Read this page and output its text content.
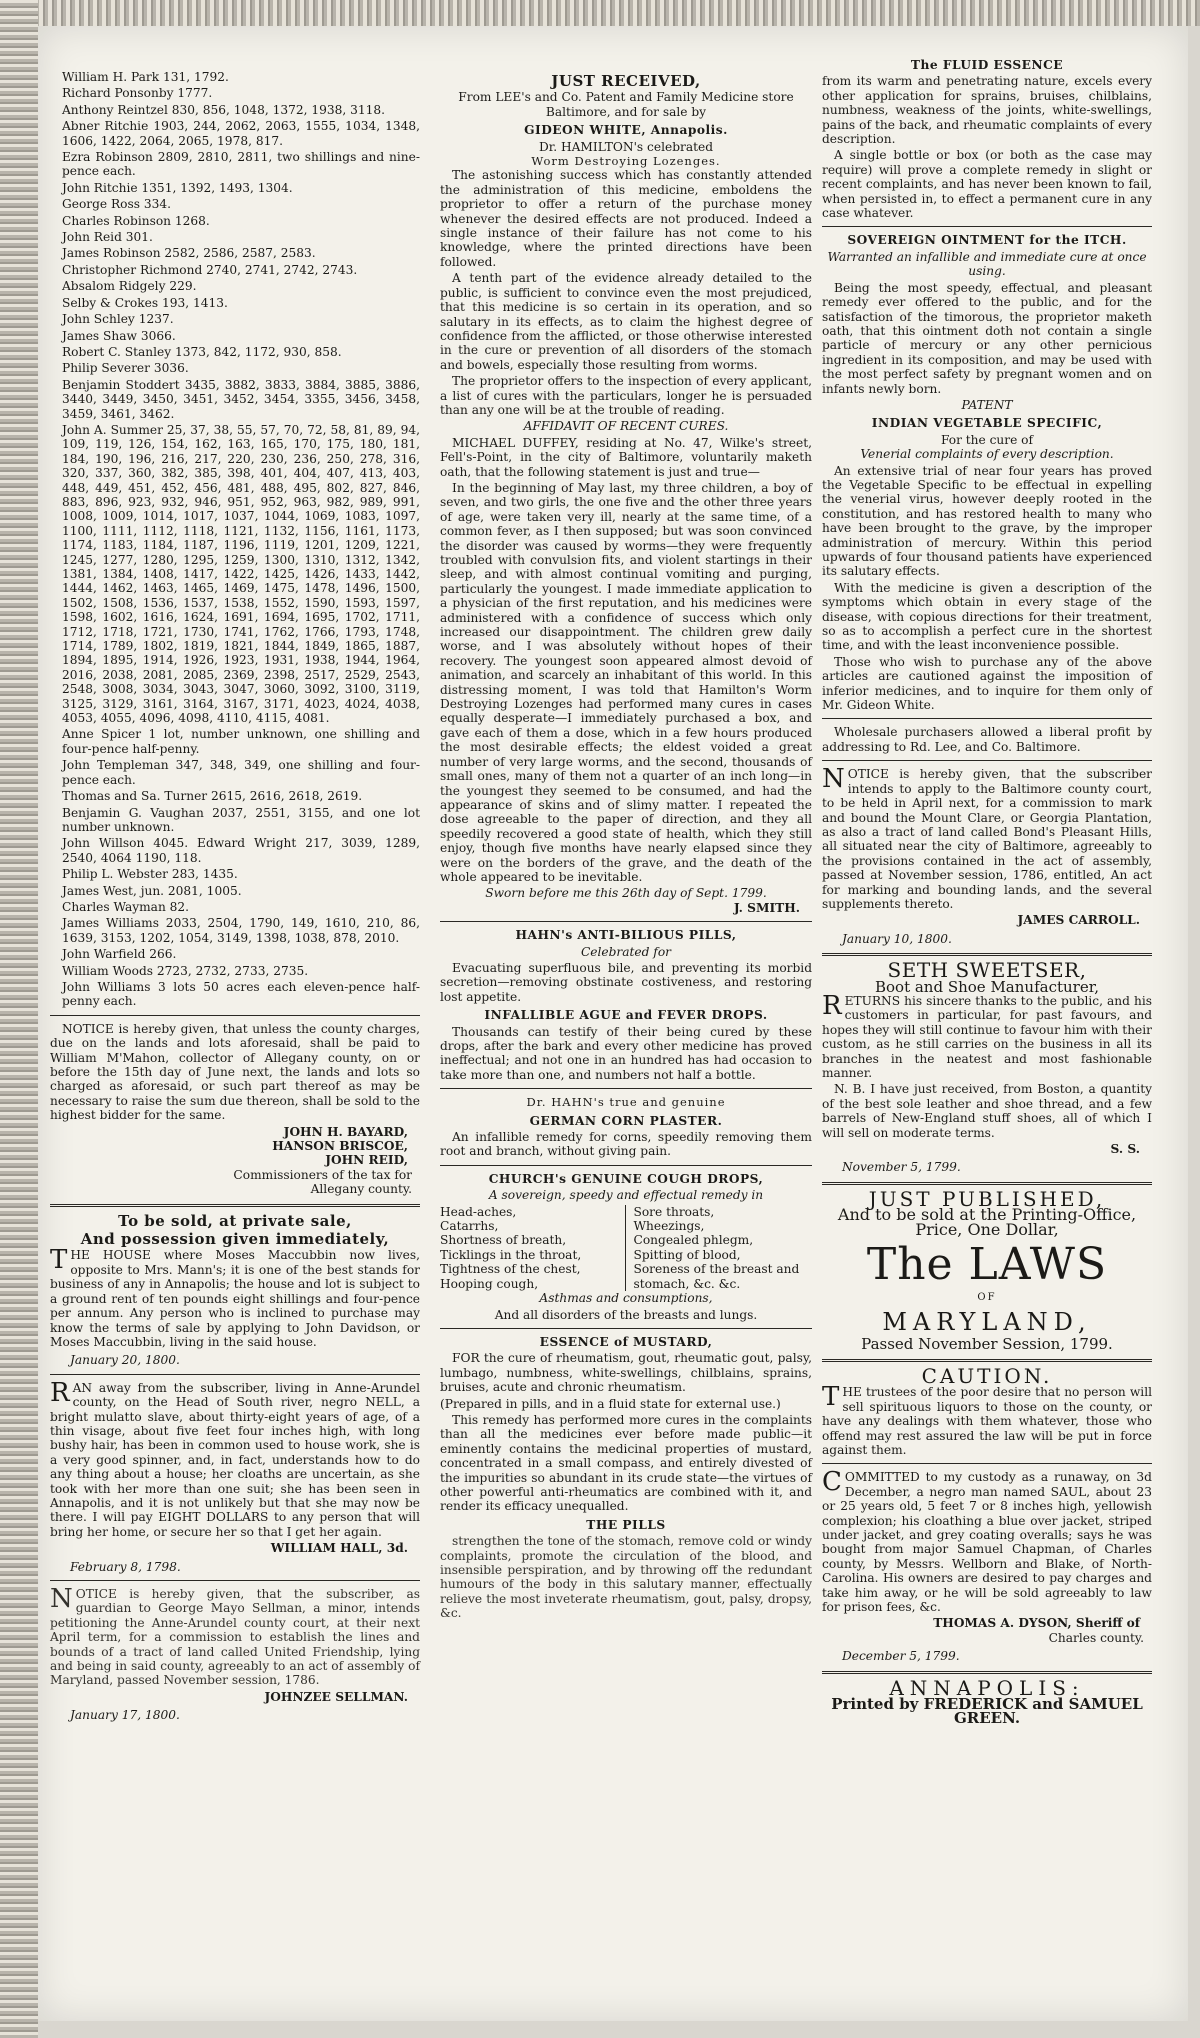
William H. Park 131, 1792.

Richard Ponsonby 1777.

Anthony Reintzel 830, 856, 1048, 1372, 1938, 3118.

Abner Ritchie 1903, 244, 2062, 2063, 1555, 1034, 1348, 1606, 1422, 2064, 2065, 1978, 817.

Ezra Robinson 2809, 2810, 2811, two shillings and nine-pence each.

John Ritchie 1351, 1392, 1493, 1304.

George Ross 334.

Charles Robinson 1268.

John Reid 301.

James Robinson 2582, 2586, 2587, 2583.

Christopher Richmond 2740, 2741, 2742, 2743.

Absalom Ridgely 229.

Selby & Crokes 193, 1413.

John Schley 1237.

James Shaw 3066.

Robert C. Stanley 1373, 842, 1172, 930, 858.

Philip Severer 3036.

Benjamin Stoddert 3435, 3882, 3833, 3884, 3885, 3886, 3440, 3449, 3450, 3451, 3452, 3454, 3355, 3456, 3458, 3459, 3461, 3462.

John A. Summer 25, 37, 38, 55, 57, 70, 72, 58, 81, 89, 94, 109, 119, 126, 154, 162, 163, 165, 170, 175, 180, 181, 184, 190, 196, 216, 217, 220, 230, 236, 250, 278, 316, 320, 337, 360, 382, 385, 398, 401, 404, 407, 413, 403, 448, 449, 451, 452, 456, 481, 488, 495, 802, 827, 846, 883, 896, 923, 932, 946, 951, 952, 963, 982, 989, 991, 1008, 1009, 1014, 1017, 1037, 1044, 1069, 1083, 1097, 1100, 1111, 1112, 1118, 1121, 1132, 1156, 1161, 1173, 1174, 1183, 1184, 1187, 1196, 1119, 1201, 1209, 1221, 1245, 1277, 1280, 1295, 1259, 1300, 1310, 1312, 1342, 1381, 1384, 1408, 1417, 1422, 1425, 1426, 1433, 1442, 1444, 1462, 1463, 1465, 1469, 1475, 1478, 1496, 1500, 1502, 1508, 1536, 1537, 1538, 1552, 1590, 1593, 1597, 1598, 1602, 1616, 1624, 1691, 1694, 1695, 1702, 1711, 1712, 1718, 1721, 1730, 1741, 1762, 1766, 1793, 1748, 1714, 1789, 1802, 1819, 1821, 1844, 1849, 1865, 1887, 1894, 1895, 1914, 1926, 1923, 1931, 1938, 1944, 1964, 2016, 2038, 2081, 2085, 2369, 2398, 2517, 2529, 2543, 2548, 3008, 3034, 3043, 3047, 3060, 3092, 3100, 3119, 3125, 3129, 3161, 3164, 3167, 3171, 4023, 4024, 4038, 4053, 4055, 4096, 4098, 4110, 4115, 4081.

Anne Spicer 1 lot, number unknown, one shilling and four-pence half-penny.

John Templeman 347, 348, 349, one shilling and four-pence each.

Thomas and Sa. Turner 2615, 2616, 2618, 2619.

Benjamin G. Vaughan 2037, 2551, 3155, and one lot number unknown.

John Willson 4045. Edward Wright 217, 3039, 1289, 2540, 4064 1190, 118.

Philip L. Webster 283, 1435.

James West, jun. 2081, 1005.

Charles Wayman 82.

James Williams 2033, 2504, 1790, 149, 1610, 210, 86, 1639, 3153, 1202, 1054, 3149, 1398, 1038, 878, 2010.

John Warfield 266.

William Woods 2723, 2732, 2733, 2735.

John Williams 3 lots 50 acres each eleven-pence half-penny each.

NOTICE is hereby given, that unless the county charges, due on the lands and lots aforesaid, shall be paid to William M'Mahon, collector of Allegany county, on or before the 15th day of June next, the lands and lots so charged as aforesaid, or such part thereof as may be necessary to raise the sum due thereon, shall be sold to the highest bidder for the same.

JOHN H. BAYARD,
HANSON BRISCOE,
JOHN REID,
Commissioners of the tax for
Allegany county.
To be sold, at private sale,
And possession given immediately,

THE HOUSE where Moses Maccubbin now lives, opposite to Mrs. Mann's; it is one of the best stands for business of any in Annapolis; the house and lot is subject to a ground rent of ten pounds eight shillings and four-pence per annum. Any person who is inclined to purchase may know the terms of sale by applying to John Davidson, or Moses Maccubbin, living in the said house.

January 20, 1800.

RAN away from the subscriber, living in Anne-Arundel county, on the Head of South river, negro NELL, a bright mulatto slave, about thirty-eight years of age, of a thin visage, about five feet four inches high, with long bushy hair, has been in common used to house work, she is a very good spinner, and, in fact, understands how to do any thing about a house; her cloaths are uncertain, as she took with her more than one suit; she has been seen in Annapolis, and it is not unlikely but that she may now be there. I will pay EIGHT DOLLARS to any person that will bring her home, or secure her so that I get her again.

WILLIAM HALL, 3d.
February 8, 1798.

NOTICE is hereby given, that the subscriber, as guardian to George Mayo Sellman, a minor, intends petitioning the Anne-Arundel county court, at their next April term, for a commission to establish the lines and bounds of a tract of land called United Friendship, lying and being in said county, agreeably to an act of assembly of Maryland, passed November session, 1786.

JOHNZEE SELLMAN.
January 17, 1800.
JUST RECEIVED,
From LEE's and Co. Patent and Family Medicine store Baltimore, and for sale by
GIDEON WHITE, Annapolis.
Dr. HAMILTON's celebrated
Worm Destroying Lozenges.

The astonishing success which has constantly attended the administration of this medicine, emboldens the proprietor to offer a return of the purchase money whenever the desired effects are not produced. Indeed a single instance of their failure has not come to his knowledge, where the printed directions have been followed.

A tenth part of the evidence already detailed to the public, is sufficient to convince even the most prejudiced, that this medicine is so certain in its operation, and so salutary in its effects, as to claim the highest degree of confidence from the afflicted, or those otherwise interested in the cure or prevention of all disorders of the stomach and bowels, especially those resulting from worms.

The proprietor offers to the inspection of every applicant, a list of cures with the particulars, longer he is persuaded than any one will be at the trouble of reading.

AFFIDAVIT OF RECENT CURES.

MICHAEL DUFFEY, residing at No. 47, Wilke's street, Fell's-Point, in the city of Baltimore, voluntarily maketh oath, that the following statement is just and true—

In the beginning of May last, my three children, a boy of seven, and two girls, the one five and the other three years of age, were taken very ill, nearly at the same time, of a common fever, as I then supposed; but was soon convinced the disorder was caused by worms—they were frequently troubled with convulsion fits, and violent startings in their sleep, and with almost continual vomiting and purging, particularly the youngest. I made immediate application to a physician of the first reputation, and his medicines were administered with a confidence of success which only increased our disappointment. The children grew daily worse, and I was absolutely without hopes of their recovery. The youngest soon appeared almost devoid of animation, and scarcely an inhabitant of this world. In this distressing moment, I was told that Hamilton's Worm Destroying Lozenges had performed many cures in cases equally desperate—I immediately purchased a box, and gave each of them a dose, which in a few hours produced the most desirable effects; the eldest voided a great number of very large worms, and the second, thousands of small ones, many of them not a quarter of an inch long—in the youngest they seemed to be consumed, and had the appearance of skins and of slimy matter. I repeated the dose agreeable to the paper of direction, and they all speedily recovered a good state of health, which they still enjoy, though five months have nearly elapsed since they were on the borders of the grave, and the death of the whole appeared to be inevitable.

Sworn before me this 26th day of Sept. 1799.
J. SMITH.
HAHN's ANTI-BILIOUS PILLS,
Celebrated for

Evacuating superfluous bile, and preventing its morbid secretion—removing obstinate costiveness, and restoring lost appetite.

INFALLIBLE AGUE and FEVER DROPS.

Thousands can testify of their being cured by these drops, after the bark and every other medicine has proved ineffectual; and not one in an hundred has had occasion to take more than one, and numbers not half a bottle.

Dr. HAHN's true and genuine
GERMAN CORN PLASTER.

An infallible remedy for corns, speedily removing them root and branch, without giving pain.

CHURCH's GENUINE COUGH DROPS,
A sovereign, speedy and effectual remedy in
Head-aches,
Catarrhs,
Shortness of breath,
Ticklings in the throat,
Tightness of the chest,
Hooping cough,
Sore throats,
Wheezings,
Congealed phlegm,
Spitting of blood,
Soreness of the breast and
stomach, &c. &c.
Asthmas and consumptions,
And all disorders of the breasts and lungs.
ESSENCE of MUSTARD,

FOR the cure of rheumatism, gout, rheumatic gout, palsy, lumbago, numbness, white-swellings, chilblains, sprains, bruises, acute and chronic rheumatism.

(Prepared in pills, and in a fluid state for external use.)

This remedy has performed more cures in the complaints than all the medicines ever before made public—it eminently contains the medicinal properties of mustard, concentrated in a small compass, and entirely divested of the impurities so abundant in its crude state—the virtues of other powerful anti-rheumatics are combined with it, and render its efficacy unequalled.

THE PILLS

strengthen the tone of the stomach, remove cold or windy complaints, promote the circulation of the blood, and insensible perspiration, and by throwing off the redundant humours of the body in this salutary manner, effectually relieve the most inveterate rheumatism, gout, palsy, dropsy, &c.

The FLUID ESSENCE

from its warm and penetrating nature, excels every other application for sprains, bruises, chilblains, numbness, weakness of the joints, white-swellings, pains of the back, and rheumatic complaints of every description.

A single bottle or box (or both as the case may require) will prove a complete remedy in slight or recent complaints, and has never been known to fail, when persisted in, to effect a permanent cure in any case whatever.

SOVEREIGN OINTMENT for the ITCH.
Warranted an infallible and immediate cure at once using.

Being the most speedy, effectual, and pleasant remedy ever offered to the public, and for the satisfaction of the timorous, the proprietor maketh oath, that this ointment doth not contain a single particle of mercury or any other pernicious ingredient in its composition, and may be used with the most perfect safety by pregnant women and on infants newly born.

PATENT
INDIAN VEGETABLE SPECIFIC,
For the cure of
Venerial complaints of every description.

An extensive trial of near four years has proved the Vegetable Specific to be effectual in expelling the venerial virus, however deeply rooted in the constitution, and has restored health to many who have been brought to the grave, by the improper administration of mercury. Within this period upwards of four thousand patients have experienced its salutary effects.

With the medicine is given a description of the symptoms which obtain in every stage of the disease, with copious directions for their treatment, so as to accomplish a perfect cure in the shortest time, and with the least inconvenience possible.

Those who wish to purchase any of the above articles are cautioned against the imposition of inferior medicines, and to inquire for them only of Mr. Gideon White.

Wholesale purchasers allowed a liberal profit by addressing to Rd. Lee, and Co. Baltimore.

NOTICE is hereby given, that the subscriber intends to apply to the Baltimore county court, to be held in April next, for a commission to mark and bound the Mount Clare, or Georgia Plantation, as also a tract of land called Bond's Pleasant Hills, all situated near the city of Baltimore, agreeably to the provisions contained in the act of assembly, passed at November session, 1786, entitled, An act for marking and bounding lands, and the several supplements thereto.

JAMES CARROLL.
January 10, 1800.
SETH SWEETSER,
Boot and Shoe Manufacturer,

RETURNS his sincere thanks to the public, and his customers in particular, for past favours, and hopes they will still continue to favour him with their custom, as he still carries on the business in all its branches in the neatest and most fashionable manner.

N. B. I have just received, from Boston, a quantity of the best sole leather and shoe thread, and a few barrels of New-England stuff shoes, all of which I will sell on moderate terms.

S. S.
November 5, 1799.
JUST PUBLISHED,
And to be sold at the Printing-Office,
Price, One Dollar,
The LAWS
OF
MARYLAND,
Passed November Session, 1799.
CAUTION.

THE trustees of the poor desire that no person will sell spirituous liquors to those on the county, or have any dealings with them whatever, those who offend may rest assured the law will be put in force against them.

COMMITTED to my custody as a runaway, on 3d December, a negro man named SAUL, about 23 or 25 years old, 5 feet 7 or 8 inches high, yellowish complexion; his cloathing a blue over jacket, striped under jacket, and grey coating overalls; says he was bought from major Samuel Chapman, of Charles county, by Messrs. Wellborn and Blake, of North-Carolina. His owners are desired to pay charges and take him away, or he will be sold agreeably to law for prison fees, &c.

THOMAS A. DYSON, Sheriff of
Charles county.
December 5, 1799.
ANNAPOLIS:
Printed by FREDERICK and SAMUEL GREEN.
